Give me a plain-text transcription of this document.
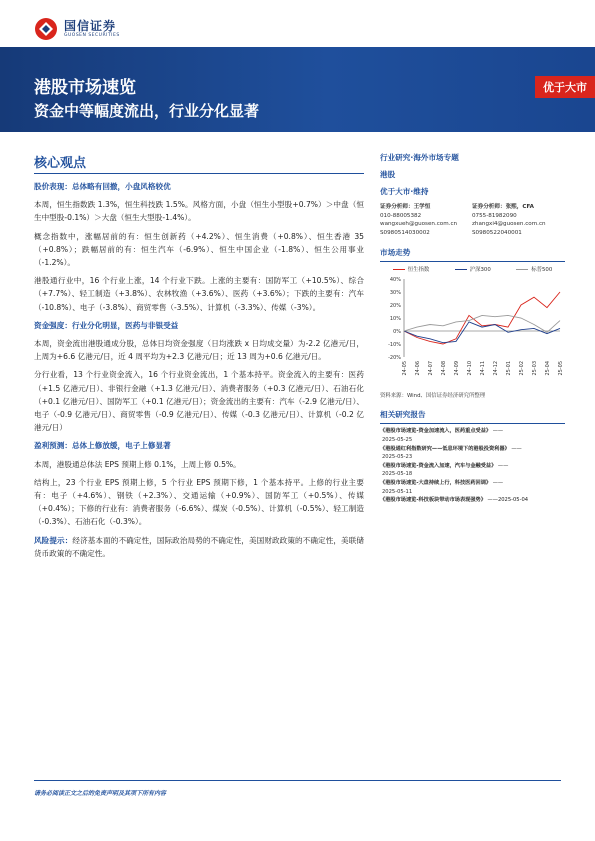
国信证券
GUOSEN SECURITIES
港股市场速览
资金中等幅度流出，行业分化显著
优于大市
核心观点

股价表现：总体略有回撤，小盘风格较优

本周，恒生指数跌 1.3%，恒生科技跌 1.5%。风格方面，小盘（恒生小型股+0.7%）＞中盘（恒生中型股-0.1%）＞大盘（恒生大型股-1.4%）。

概念指数中，涨幅居前的有：恒生创新药（+4.2%）、恒生消费（+0.8%）、恒生香港 35（+0.8%）；跌幅居前的有：恒生汽车（-6.9%）、恒生中国企业（-1.8%）、恒生公用事业（-1.2%）。

港股通行业中，16 个行业上涨，14 个行业下跌。上涨的主要有：国防军工（+10.5%）、综合（+7.7%）、轻工制造（+3.8%）、农林牧渔（+3.6%）、医药（+3.6%）；下跌的主要有：汽车（-10.8%）、电子（-3.8%）、商贸零售（-3.5%）、计算机（-3.3%）、传媒（-3%）。

资金强度：行业分化明显，医药与非银受益

本周，资金流出港股通成分股，总体日均资金强度（日均涨跌 x 日均成交量）为-2.2 亿港元/日，上周为+6.6 亿港元/日，近 4 周平均为+2.3 亿港元/日；近 13 周为+0.6 亿港元/日。

分行业看，13 个行业资金流入，16 个行业资金流出，1 个基本持平。资金流入的主要有：医药（+1.5 亿港元/日）、非银行金融（+1.3 亿港元/日）、消费者服务（+0.3 亿港元/日）、石油石化（+0.1 亿港元/日）、国防军工（+0.1 亿港元/日）；资金流出的主要有：汽车（-2.9 亿港元/日）、电子（-0.9 亿港元/日）、商贸零售（-0.9 亿港元/日）、传媒（-0.3 亿港元/日）、计算机（-0.2 亿港元/日）

盈利预测：总体上修放缓，电子上修显著

本周，港股通总体法 EPS 预期上修 0.1%，上周上修 0.5%。

结构上，23 个行业 EPS 预期上修，5 个行业 EPS 预期下修，1 个基本持平。上修的行业主要有：电子（+4.6%）、钢铁（+2.3%）、交通运输（+0.9%）、国防军工（+0.5%）、传媒（+0.4%）；下修的行业有：消费者服务（-6.6%）、煤炭（-0.5%）、计算机（-0.5%）、轻工制造（-0.3%）、石油石化（-0.3%）。

风险提示：经济基本面的不确定性，国际政治局势的不确定性，美国财政政策的不确定性，美联储货币政策的不确定性。

行业研究·海外市场专题
港股
优于大市·维持
证券分析师：王学恒
010-88005382
wangxueh@guosen.com.cn
S0980514030002
证券分析师：张熙，CFA
0755-81982090
zhangxi4@guosen.com.cn
S0980522040001
市场走势
恒生指数	沪深300	标普500
40%
30%
20%
10%
0%
-10%
-20%
24-05 24-06 24-07 24-08 24-09 24-10 24-11 24-12 25-01 25-02 25-03 25-04 25-05
资料来源：Wind、国信证券经济研究所整理
相关研究报告
《港股市场速览-资金加速流入，医药重点受益》 ——
2025-05-25
《港股通红利指数研究——低息环境下的港股投资利器》 ——
2025-05-23
《港股市场速览-资金流入加速，汽车与金融受益》 ——
2025-05-18
《港股市场速览-大盘持续上行，科技医药回调》 ——
2025-05-11
《港股市场速览-科技板块带动市场表现强势》 ——2025-05-04
请务必阅读正文之后的免责声明及其项下所有内容
